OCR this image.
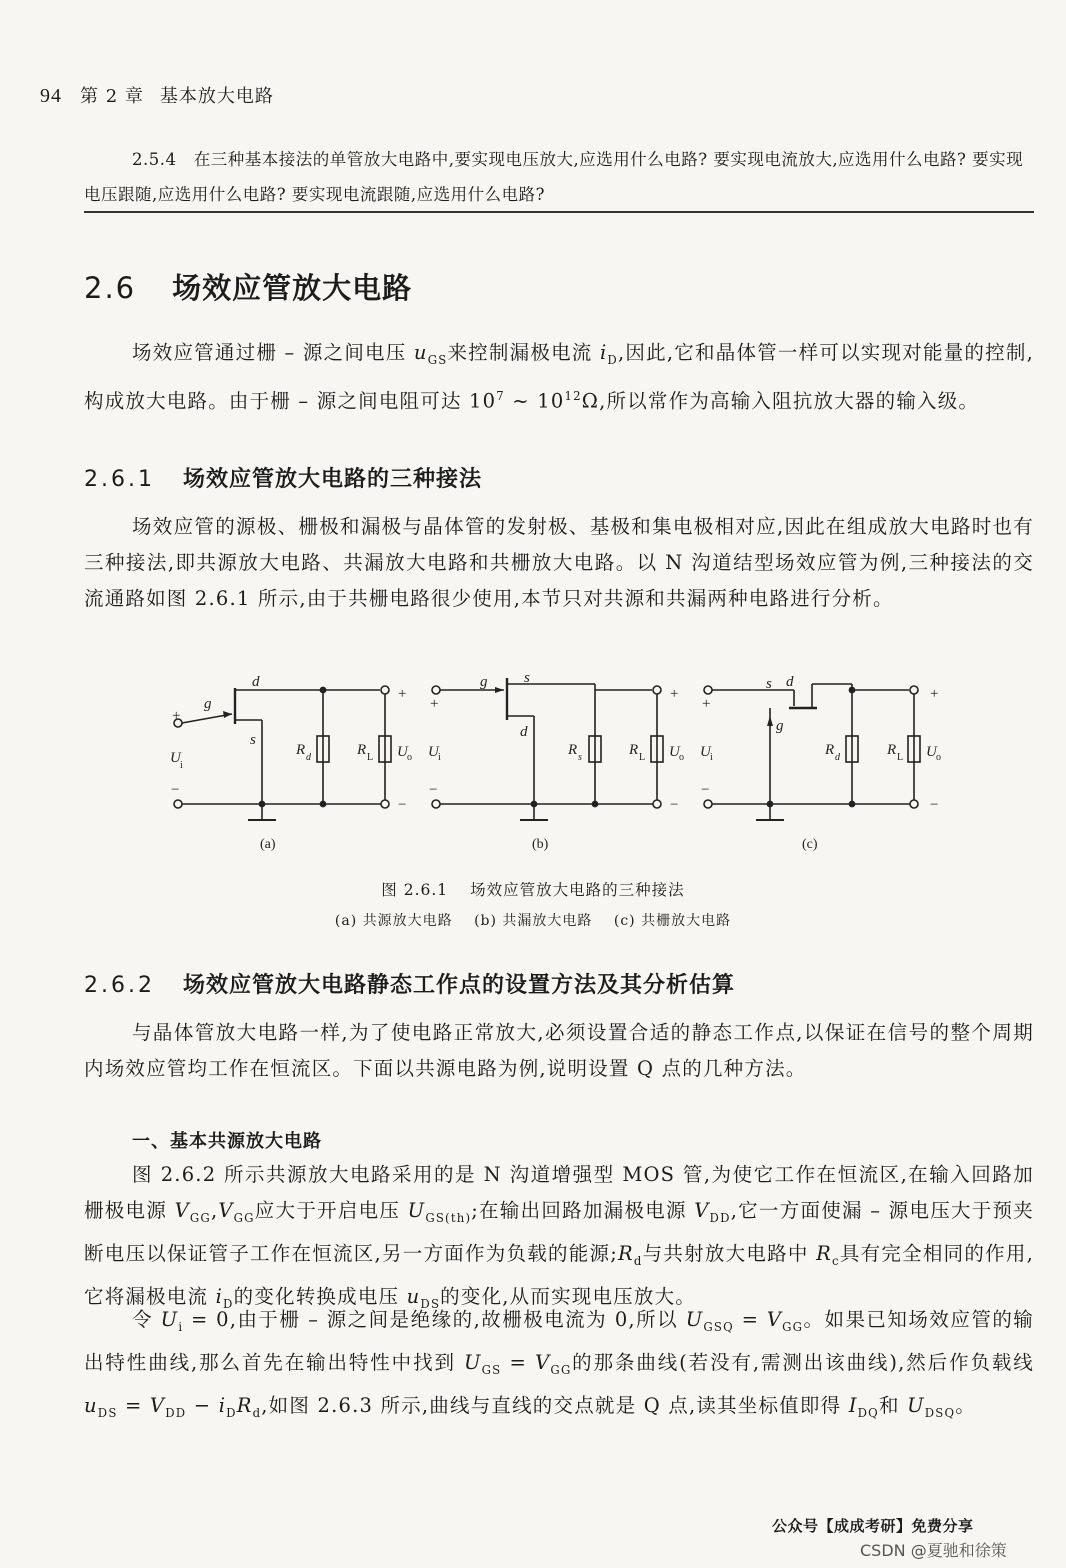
94 第 2 章 基本放大电路
2.5.4 在三种基本接法的单管放大电路中,要实现电压放大,应选用什么电路? 要实现电流放大,应选用什么电路? 要实现电压跟随,应选用什么电路? 要实现电流跟随,应选用什么电路?
2.6 场效应管放大电路

场效应管通过栅 – 源之间电压 $u_{GS}$来控制漏极电流 $i_D$,因此,它和晶体管一样可以实现对能量的控制,构成放大电路。由于栅 – 源之间电阻可达 $10^7$ ~ $10^{12}\Omega$,所以常作为高输入阻抗放大器的输入级。

2.6.1 场效应管放大电路的三种接法

场效应管的源极、栅极和漏极与晶体管的发射极、基极和集电极相对应,因此在组成放大电路时也有三种接法,即共源放大电路、共漏放大电路和共栅放大电路。以 N 沟道结型场效应管为例,三种接法的交流通路如图 2.6.1 所示,由于共栅电路很少使用,本节只对共源和共漏两种电路进行分析。

g
d
s
+
−
U i
R d	R L U o
+
−
(a)
g s
d
+
−
U i	R s	R L U o
+
−
(b)
s d
g
+
−
U i	R d	R L U o
+
−
(c)
图 2.6.1 场效应管放大电路的三种接法
(a) 共源放大电路 (b) 共漏放大电路 (c) 共栅放大电路
2.6.2 场效应管放大电路静态工作点的设置方法及其分析估算

与晶体管放大电路一样,为了使电路正常放大,必须设置合适的静态工作点,以保证在信号的整个周期内场效应管均工作在恒流区。下面以共源电路为例,说明设置 Q 点的几种方法。

一、基本共源放大电路

图 2.6.2 所示共源放大电路采用的是 N 沟道增强型 MOS 管,为使它工作在恒流区,在输入回路加栅极电源 $V_{GG},V_{GG}$应大于开启电压 $U_{GS(th)}$;在输出回路加漏极电源 $V_{DD}$,它一方面使漏 – 源电压大于预夹断电压以保证管子工作在恒流区,另一方面作为负载的能源$;R_d$与共射放大电路中 $R_c$具有完全相同的作用,它将漏极电流 $i_D$的变化转换成电压 $u_{DS}$的变化,从而实现电压放大。

令 $U_i = 0$,由于栅 – 源之间是绝缘的,故栅极电流为 0,所以 $U_{GSQ} = V_{GG}$。如果已知场效应管的输出特性曲线,那么首先在输出特性中找到 $U_{GS} = V_{GG}$的那条曲线(若没有,需测出该曲线),然后作负载线 $u_{DS} = V_{DD} - i_DR_d$,如图 2.6.3 所示,曲线与直线的交点就是 Q 点,读其坐标值即得 $I_{DQ}$和 $U_{DSQ}$。

公众号【成成考研】免费分享
CSDN @夏驰和徐策
